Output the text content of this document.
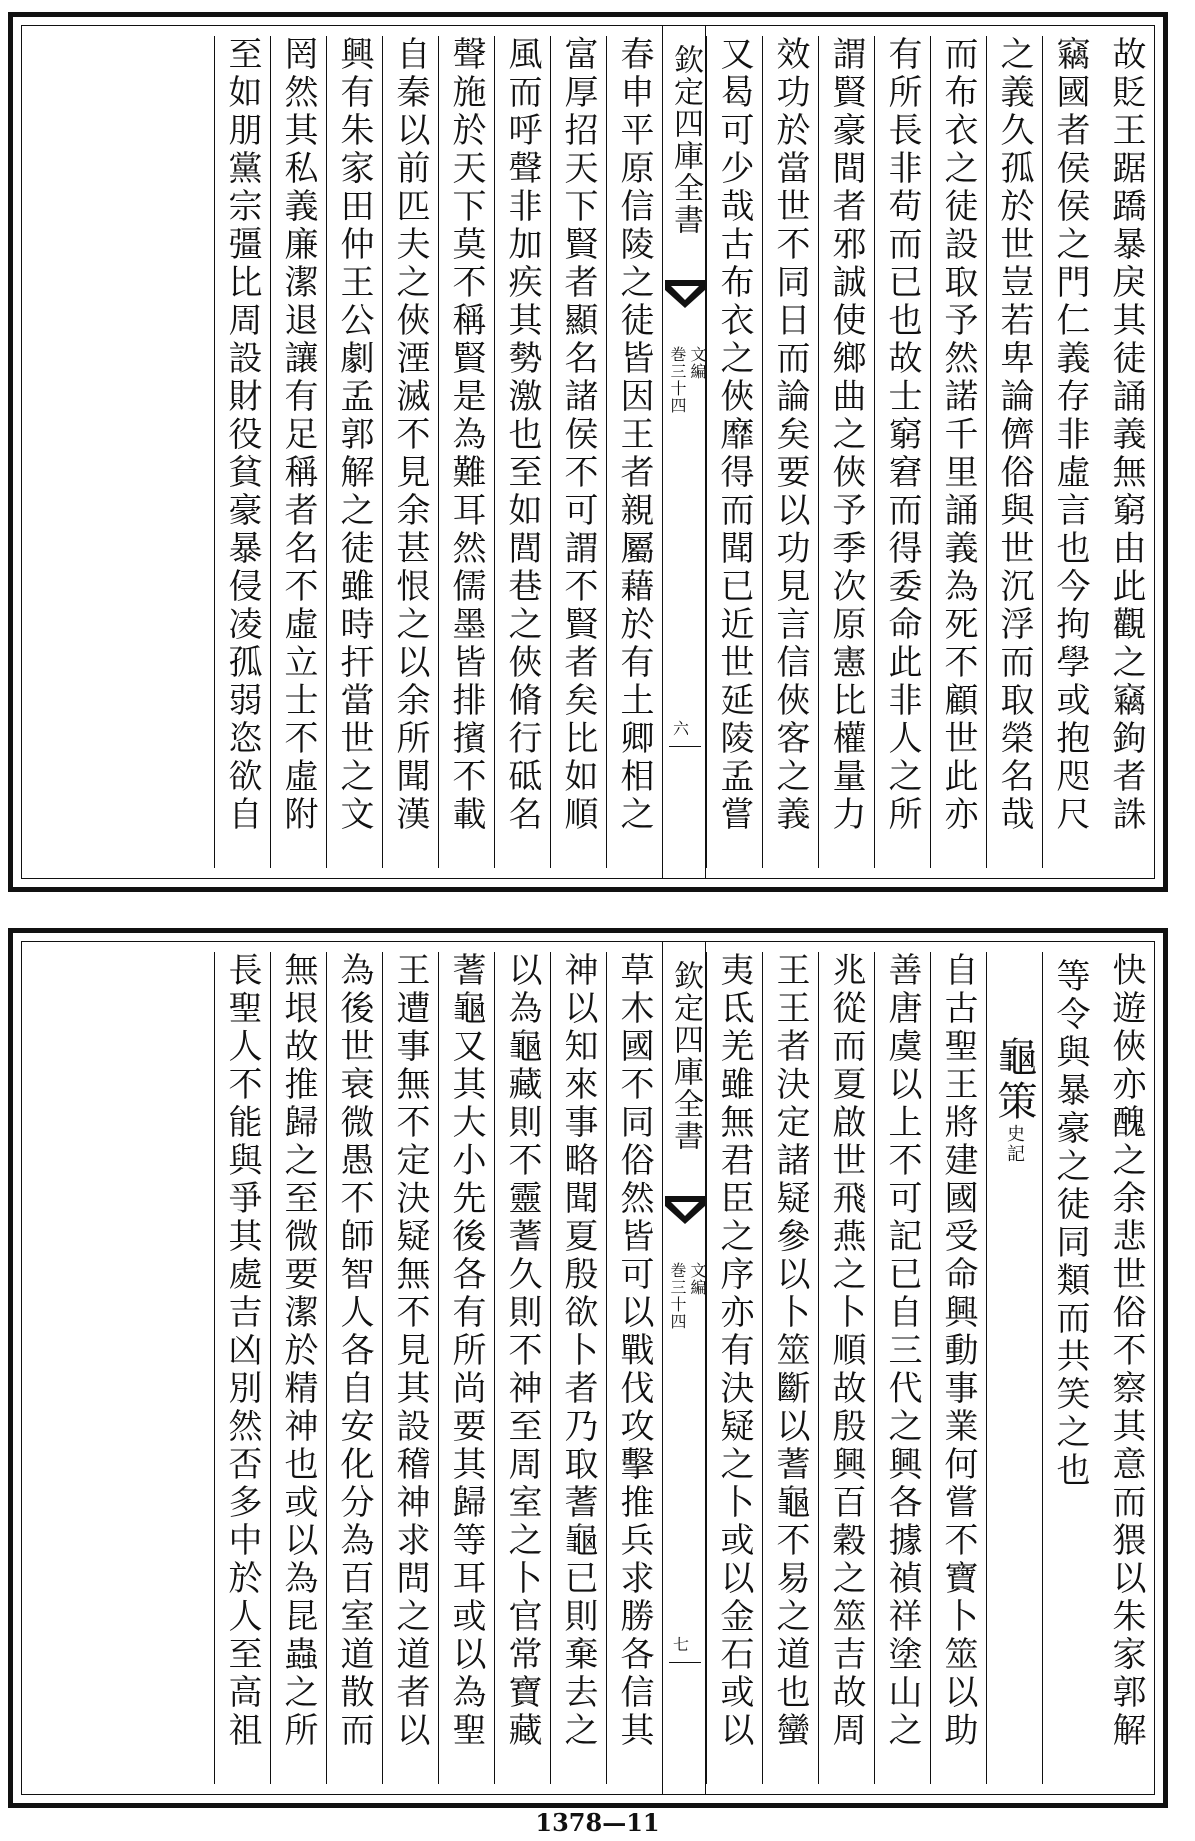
故貶王踞蹻暴戾其徒誦義無窮由此觀之竊鉤者誅
竊國者侯侯之門仁義存非虛言也今拘學或抱咫尺
之義久孤於世豈若卑論儕俗與世沉浮而取榮名哉
而布衣之徒設取予然諾千里誦義為死不顧世此亦
有所長非苟而已也故士窮窘而得委命此非人之所
謂賢豪間者邪誠使鄉曲之俠予季次原憲比權量力
效功於當世不同日而論矣要以功見言信俠客之義
又曷可少哉古布衣之俠靡得而聞已近世延陵孟嘗
欽定四庫全書
文編
巻三十四
六
春申平原信陵之徒皆因王者親屬藉於有土卿相之
富厚招天下賢者顯名諸侯不可謂不賢者矣比如順
風而呼聲非加疾其勢激也至如閭巷之俠脩行砥名
聲施於天下莫不稱賢是為難耳然儒墨皆排擯不載
自秦以前匹夫之俠湮滅不見余甚恨之以余所聞漢
興有朱家田仲王公劇孟郭解之徒雖時扞當世之文
罔然其私義廉潔退讓有足稱者名不虛立士不虛附
至如朋黨宗彊比周設財役貧豪暴侵凌孤弱恣欲自
快遊俠亦醜之余悲世俗不察其意而猥以朱家郭解
等令與暴豪之徒同類而共笑之也
龜策史記
自古聖王將建國受命興動事業何嘗不寶卜筮以助
善唐虞以上不可記已自三代之興各據禎祥塗山之
兆從而夏啟世飛燕之卜順故殷興百穀之筮吉故周
王王者決定諸疑參以卜筮斷以蓍龜不易之道也蠻
夷氐羌雖無君臣之序亦有決疑之卜或以金石或以
欽定四庫全書
文編
巻三十四
七
草木國不同俗然皆可以戰伐攻擊推兵求勝各信其
神以知來事略聞夏殷欲卜者乃取蓍龜已則棄去之
以為龜藏則不靈蓍久則不神至周室之卜官常寶藏
蓍龜又其大小先後各有所尚要其歸等耳或以為聖
王遭事無不定決疑無不見其設稽神求問之道者以
為後世衰微愚不師智人各自安化分為百室道散而
無垠故推歸之至微要潔於精神也或以為昆蟲之所
長聖人不能與爭其處吉凶別然否多中於人至高祖
1378—11
